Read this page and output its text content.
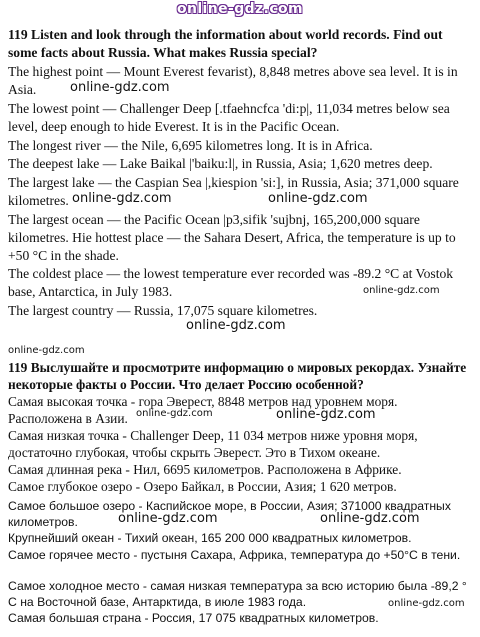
online-gdz.com

119 Listen and look through the information about world records. Find out some facts about Russia. What makes Russia special?

The highest point — Mount Everest fevarist), 8,848 metres above sea level. It is in Asia.

The lowest point — Challenger Deep [.tfaehncfca 'di:p|, 11,034 metres below sea level, deep enough to hide Everest. It is in the Pacific Ocean.

The longest river — the Nile, 6,695 kilometres long. It is in Africa.

The deepest lake — Lake Baikal |'baiku:l|, in Russia, Asia; 1,620 metres deep.

The largest lake — the Caspian Sea |,kiespion 'si:], in Russia, Asia; 371,000 square kilometres.

The largest ocean — the Pacific Ocean |p3,sifik 'sujbnj, 165,200,000 square kilometres. Hie hottest place — the Sahara Desert, Africa, the temperature is up to +50 °C in the shade.

The coldest place — the lowest temperature ever recorded was -89.2 °C at Vostok base, Antarctica, in July 1983.

The largest country — Russia, 17,075 square kilometres.

119 Выслушайте и просмотрите информацию о мировых рекордах. Узнайте некоторые факты о России. Что делает Россию особенной?

Самая высокая точка - гора Эверест, 8848 метров над уровнем моря. Расположена в Азии.

Самая низкая точка - Challenger Deep, 11 034 метров ниже уровня моря, достаточно глубокая, чтобы скрыть Эверест. Это в Тихом океане.

Самая длинная река - Нил, 6695 километров. Расположена в Африке.

Самое глубокое озеро - Озеро Байкал, в России, Азия; 1 620 метров.

Самое большое озеро - Каспийское море, в России, Азия; 371000 квадратных километров.

Крупнейший океан - Тихий океан, 165 200 000 квадратных километров.

Самое горячее место - пустыня Сахара, Африка, температура до +50°C в тени.

Самое холодное место - самая низкая температура за всю историю была -89,2 ° C на Восточной базе, Антарктида, в июле 1983 года.

Самая большая страна - Россия, 17 075 квадратных километров.

online-gdz.com
online-gdz.com	online-gdz.com
online-gdz.com
online-gdz.com
online-gdz.com
online-gdz.com	online-gdz.com
online-gdz.com	online-gdz.com
online-gdz.com
